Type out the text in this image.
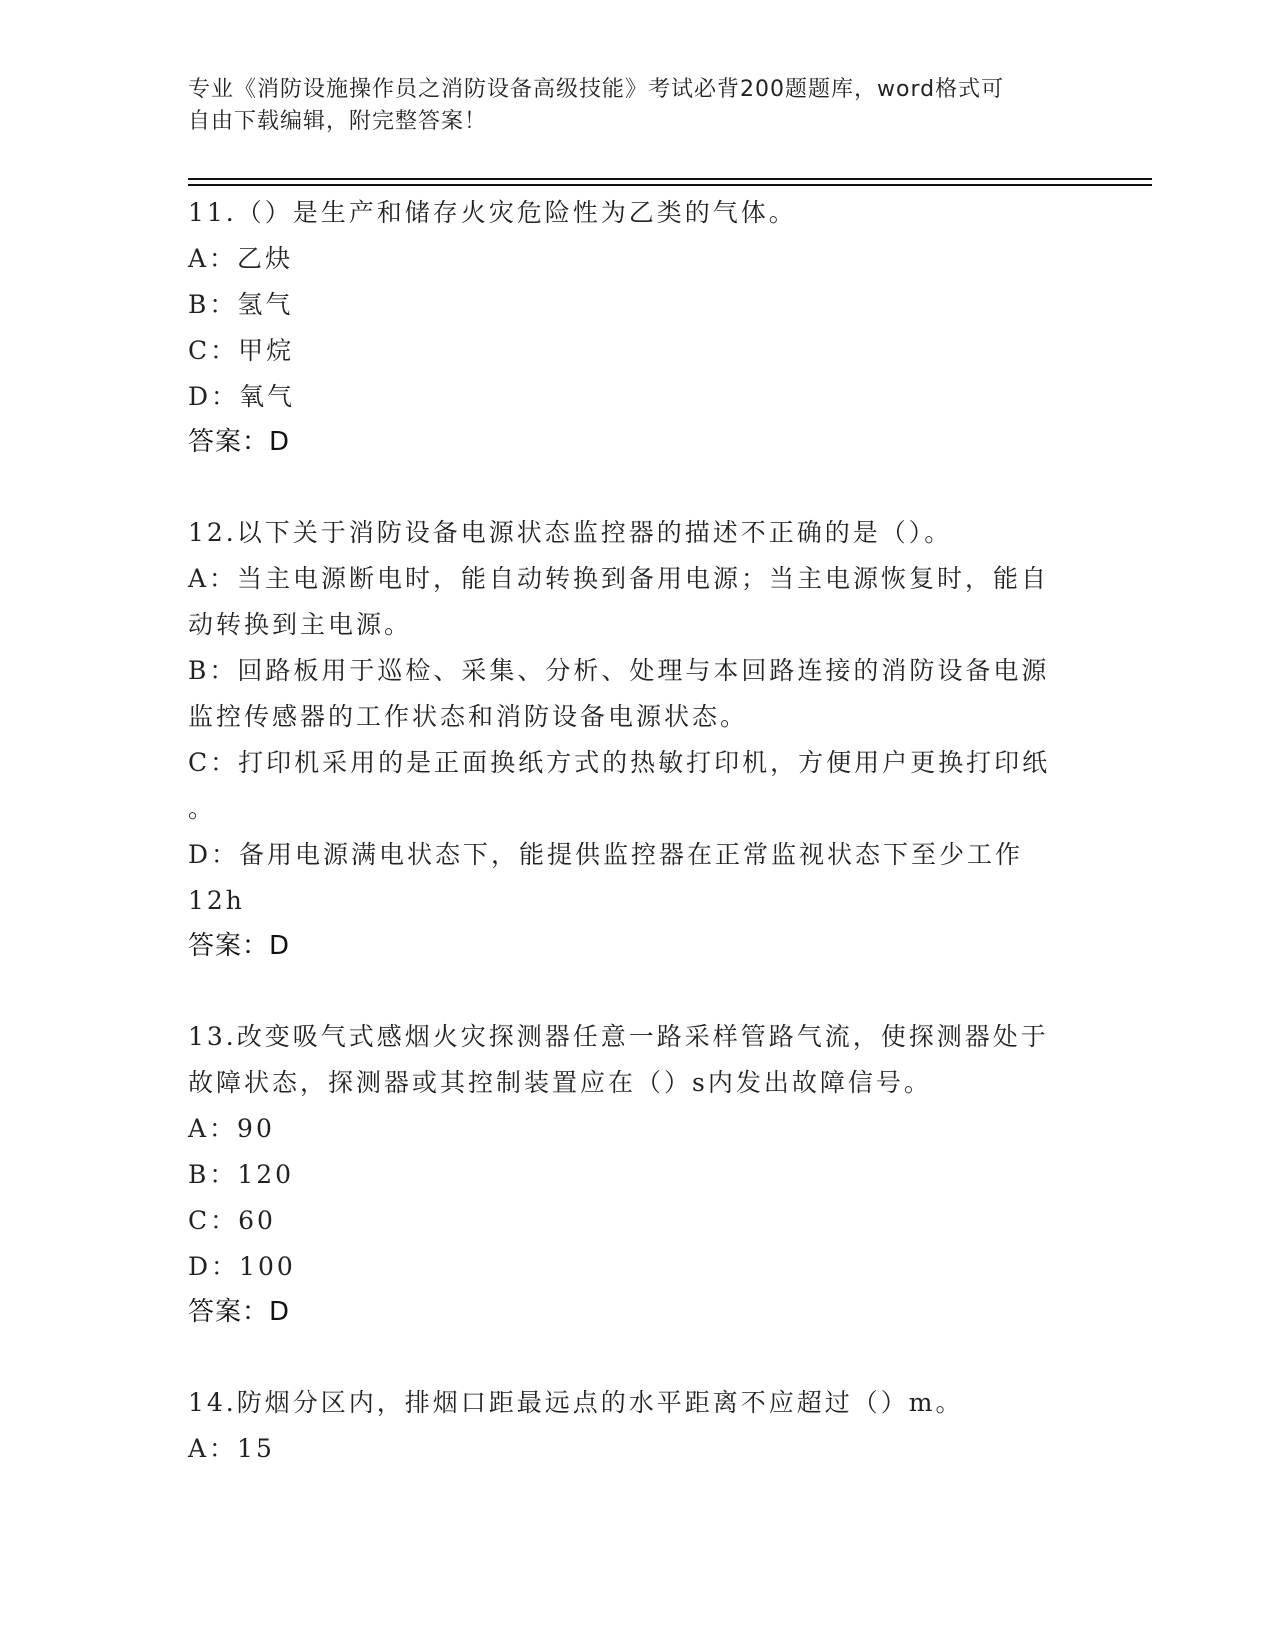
专业《消防设施操作员之消防设备高级技能》考试必背200题题库，word格式可
自由下载编辑，附完整答案！
11.（）是生产和储存火灾危险性为乙类的气体。
A：乙炔
B：氢气
C：甲烷
D：氧气
答案：D
12.以下关于消防设备电源状态监控器的描述不正确的是（）。
A：当主电源断电时，能自动转换到备用电源；当主电源恢复时，能自
动转换到主电源。
B：回路板用于巡检、采集、分析、处理与本回路连接的消防设备电源
监控传感器的工作状态和消防设备电源状态。
C：打印机采用的是正面换纸方式的热敏打印机，方便用户更换打印纸
。
D：备用电源满电状态下，能提供监控器在正常监视状态下至少工作
12h
答案：D
13.改变吸气式感烟火灾探测器任意一路采样管路气流，使探测器处于
故障状态，探测器或其控制装置应在（）s内发出故障信号。
A：90
B：120
C：60
D：100
答案：D
14.防烟分区内，排烟口距最远点的水平距离不应超过（）m。
A：15
